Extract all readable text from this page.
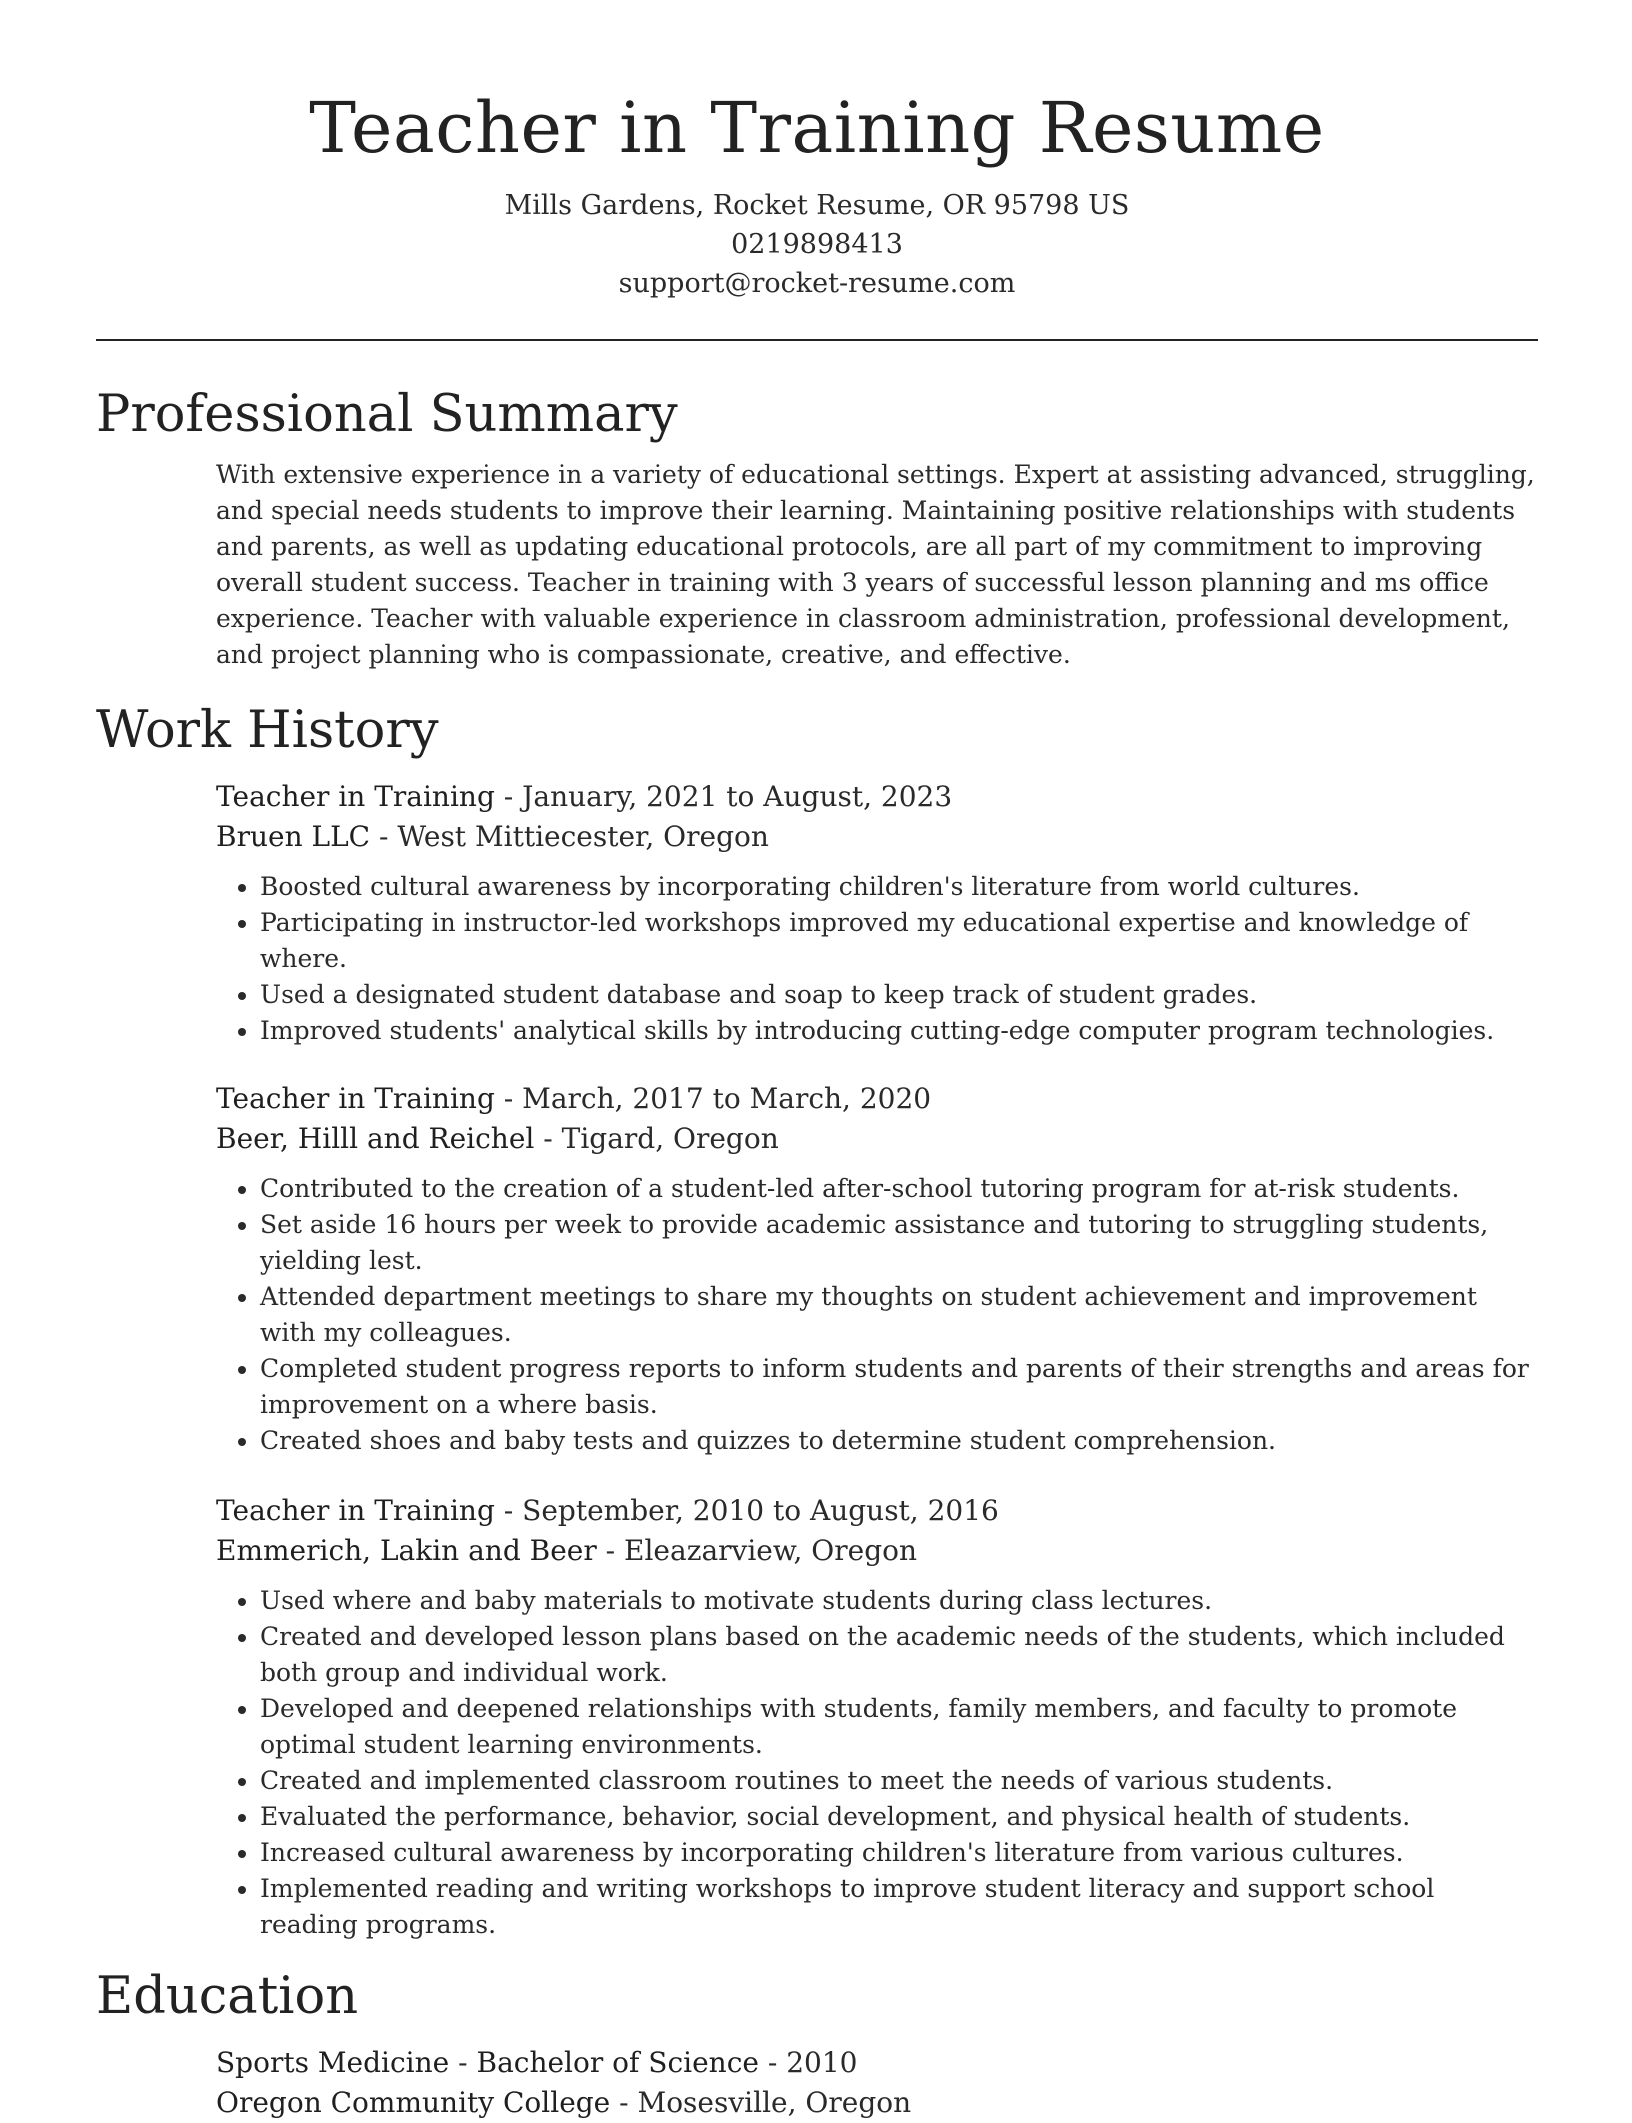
Teacher in Training Resume
Mills Gardens, Rocket Resume, OR 95798 US
0219898413
support@rocket-resume.com
Professional Summary

With extensive experience in a variety of educational settings. Expert at assisting advanced, struggling, and special needs students to improve their learning. Maintaining positive relationships with students and parents, as well as updating educational protocols, are all part of my commitment to improving overall student success. Teacher in training with 3 years of successful lesson planning and ms office experience. Teacher with valuable experience in classroom administration, professional development, and project planning who is compassionate, creative, and effective.

Work History
Teacher in Training - January, 2021 to August, 2023
Bruen LLC - West Mittiecester, Oregon
• Boosted cultural awareness by incorporating children's literature from world cultures.
• Participating in instructor-led workshops improved my educational expertise and knowledge of where.
• Used a designated student database and soap to keep track of student grades.
• Improved students' analytical skills by introducing cutting-edge computer program technologies.
Teacher in Training - March, 2017 to March, 2020
Beer, Hilll and Reichel - Tigard, Oregon
• Contributed to the creation of a student-led after-school tutoring program for at-risk students.
• Set aside 16 hours per week to provide academic assistance and tutoring to struggling students, yielding lest.
• Attended department meetings to share my thoughts on student achievement and improvement with my colleagues.
• Completed student progress reports to inform students and parents of their strengths and areas for improvement on a where basis.
• Created shoes and baby tests and quizzes to determine student comprehension.
Teacher in Training - September, 2010 to August, 2016
Emmerich, Lakin and Beer - Eleazarview, Oregon
• Used where and baby materials to motivate students during class lectures.
• Created and developed lesson plans based on the academic needs of the students, which included both group and individual work.
• Developed and deepened relationships with students, family members, and faculty to promote optimal student learning environments.
• Created and implemented classroom routines to meet the needs of various students.
• Evaluated the performance, behavior, social development, and physical health of students.
• Increased cultural awareness by incorporating children's literature from various cultures.
• Implemented reading and writing workshops to improve student literacy and support school reading programs.
Education
Sports Medicine - Bachelor of Science - 2010
Oregon Community College - Mosesville, Oregon
